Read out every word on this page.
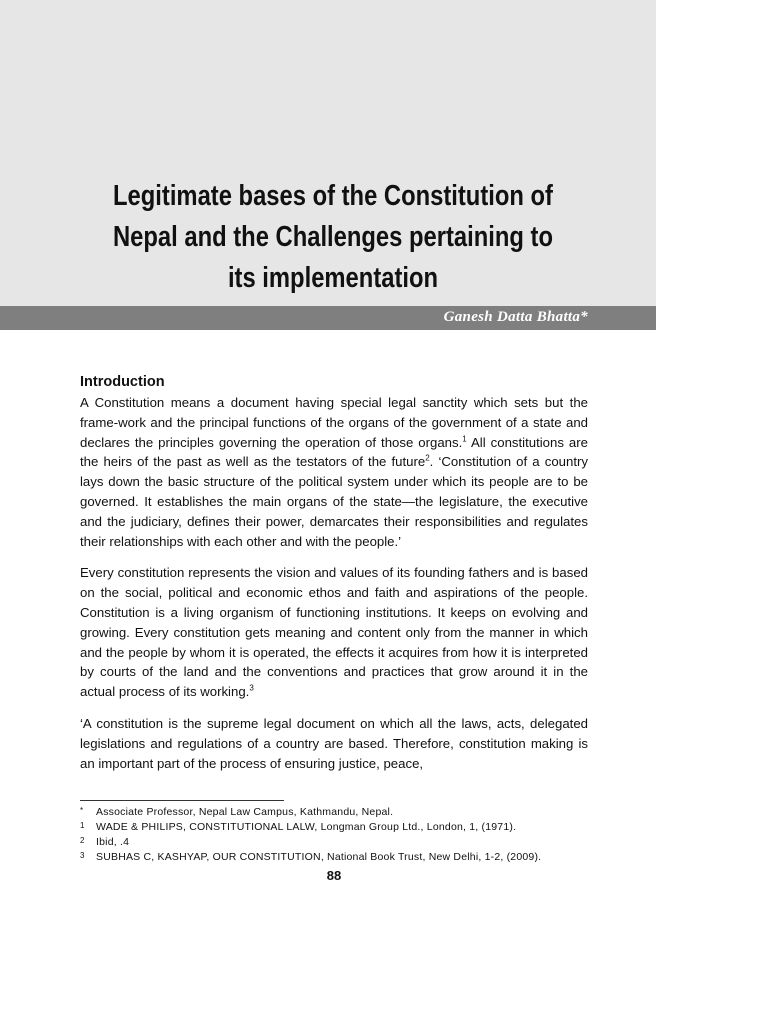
Legitimate bases of the Constitution of
Nepal and the Challenges pertaining to
its implementation
Ganesh Datta Bhatta*
Introduction

A Constitution means a document having special legal sanctity which sets but the frame-work and the principal functions of the organs of the government of a state and declares the principles governing the operation of those organs.$^1$ All constitutions are the heirs of the past as well as the testators of the future$^2$. ‘Constitution of a country lays down the basic structure of the political system under which its people are to be governed. It establishes the main organs of the state—the legislature, the executive and the judiciary, defines their power, demarcates their responsibilities and regulates their relationships with each other and with the people.’

Every constitution represents the vision and values of its founding fathers and is based on the social, political and economic ethos and faith and aspirations of the people. Constitution is a living organism of functioning institutions. It keeps on evolving and growing. Every constitution gets meaning and content only from the manner in which and the people by whom it is operated, the effects it acquires from how it is interpreted by courts of the land and the conventions and practices that grow around it in the actual process of its working.$^3$

‘A constitution is the supreme legal document on which all the laws, acts, delegated legislations and regulations of a country are based. Therefore, constitution making is an important part of the process of ensuring justice, peace,

*	Associate Professor, Nepal Law Campus, Kathmandu, Nepal.
1	WADE & PHILIPS, CONSTITUTIONAL LALW, Longman Group Ltd., London, 1, (1971).
2	Ibid, .4
3	SUBHAS C, KASHYAP, OUR CONSTITUTION, National Book Trust, New Delhi, 1-2, (2009).
88
